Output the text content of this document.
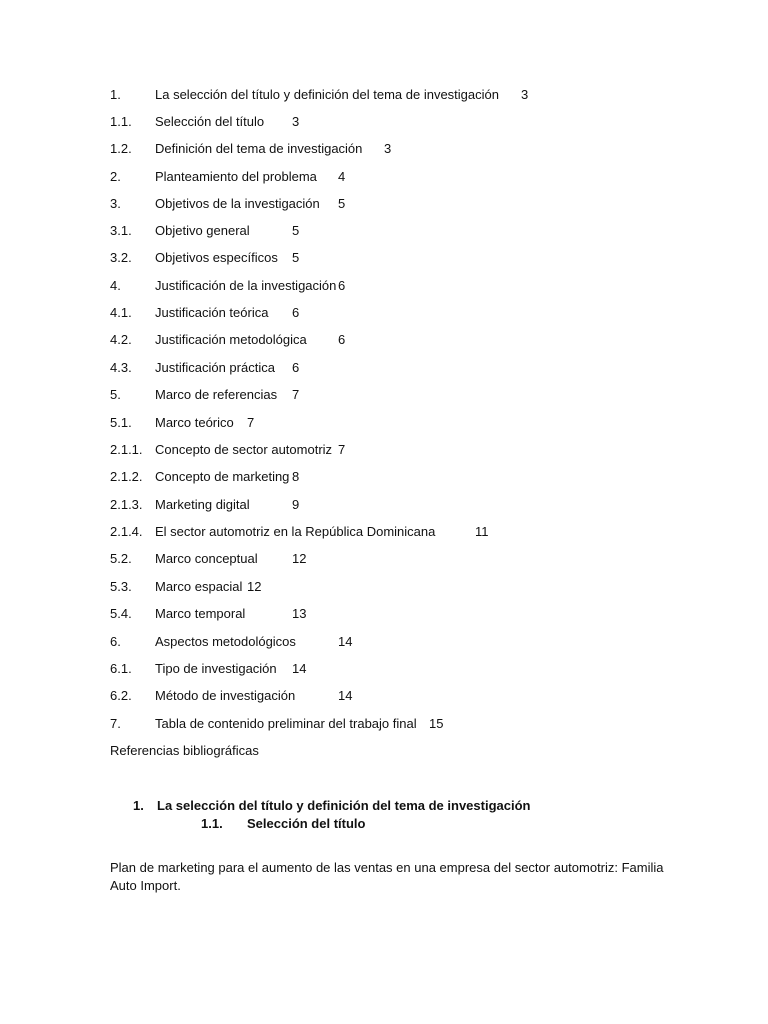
1.	La selección del título y definición del tema de investigación 3
1.1. Selección del título 3
1.2. Definición del tema de investigación 3
2.	Planteamiento del problema 4
3.	Objetivos de la investigación 5
3.1. Objetivo general	5
3.2. Objetivos específicos 5
4.	Justificación de la investigación 6
4.1. Justificación teórica 6
4.2. Justificación metodológica 6
4.3. Justificación práctica 6
5.	Marco de referencias 7
5.1. Marco teórico 7
2.1.1. Concepto de sector automotriz 7
2.1.2. Concepto de marketing 8
2.1.3. Marketing digital	9
2.1.4. El sector automotriz en la República Dominicana	11
5.2. Marco conceptual	12
5.3. Marco espacial 12
5.4. Marco temporal	13
6.	Aspectos metodológicos	14
6.1. Tipo de investigación 14
6.2. Método de investigación	14
7.	Tabla de contenido preliminar del trabajo final 15
Referencias bibliográficas
1. La selección del título y definición del tema de investigación
1.1. Selección del título
Plan de marketing para el aumento de las ventas en una empresa del sector automotriz: Familia Auto Import.
